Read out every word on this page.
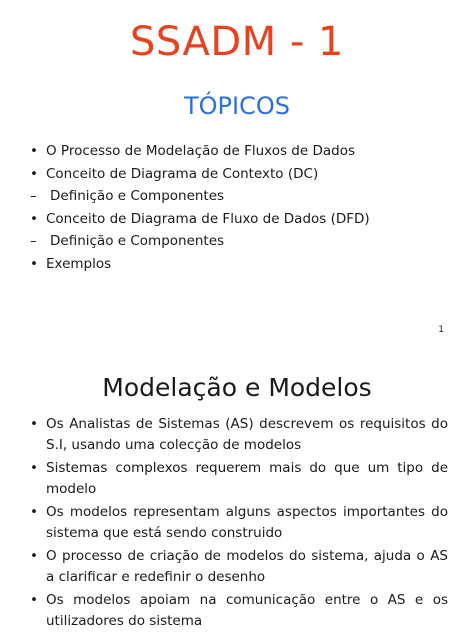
SSADM - 1
TÓPICOS
• O Processo de Modelação de Fluxos de Dados
• Conceito de Diagrama de Contexto (DC)
– Definição e Componentes
• Conceito de Diagrama de Fluxo de Dados (DFD)
– Definição e Componentes
• Exemplos
1
Modelação e Modelos
• Os Analistas de Sistemas (AS) descrevem os requisitos do S.I, usando uma colecção de modelos
• Sistemas complexos requerem mais do que um tipo de modelo
• Os modelos representam alguns aspectos importantes do sistema que está sendo construido
• O processo de criação de modelos do sistema, ajuda o AS a clarificar e redefinir o desenho
• Os modelos apoiam na comunicação entre o AS e os utilizadores do sistema
